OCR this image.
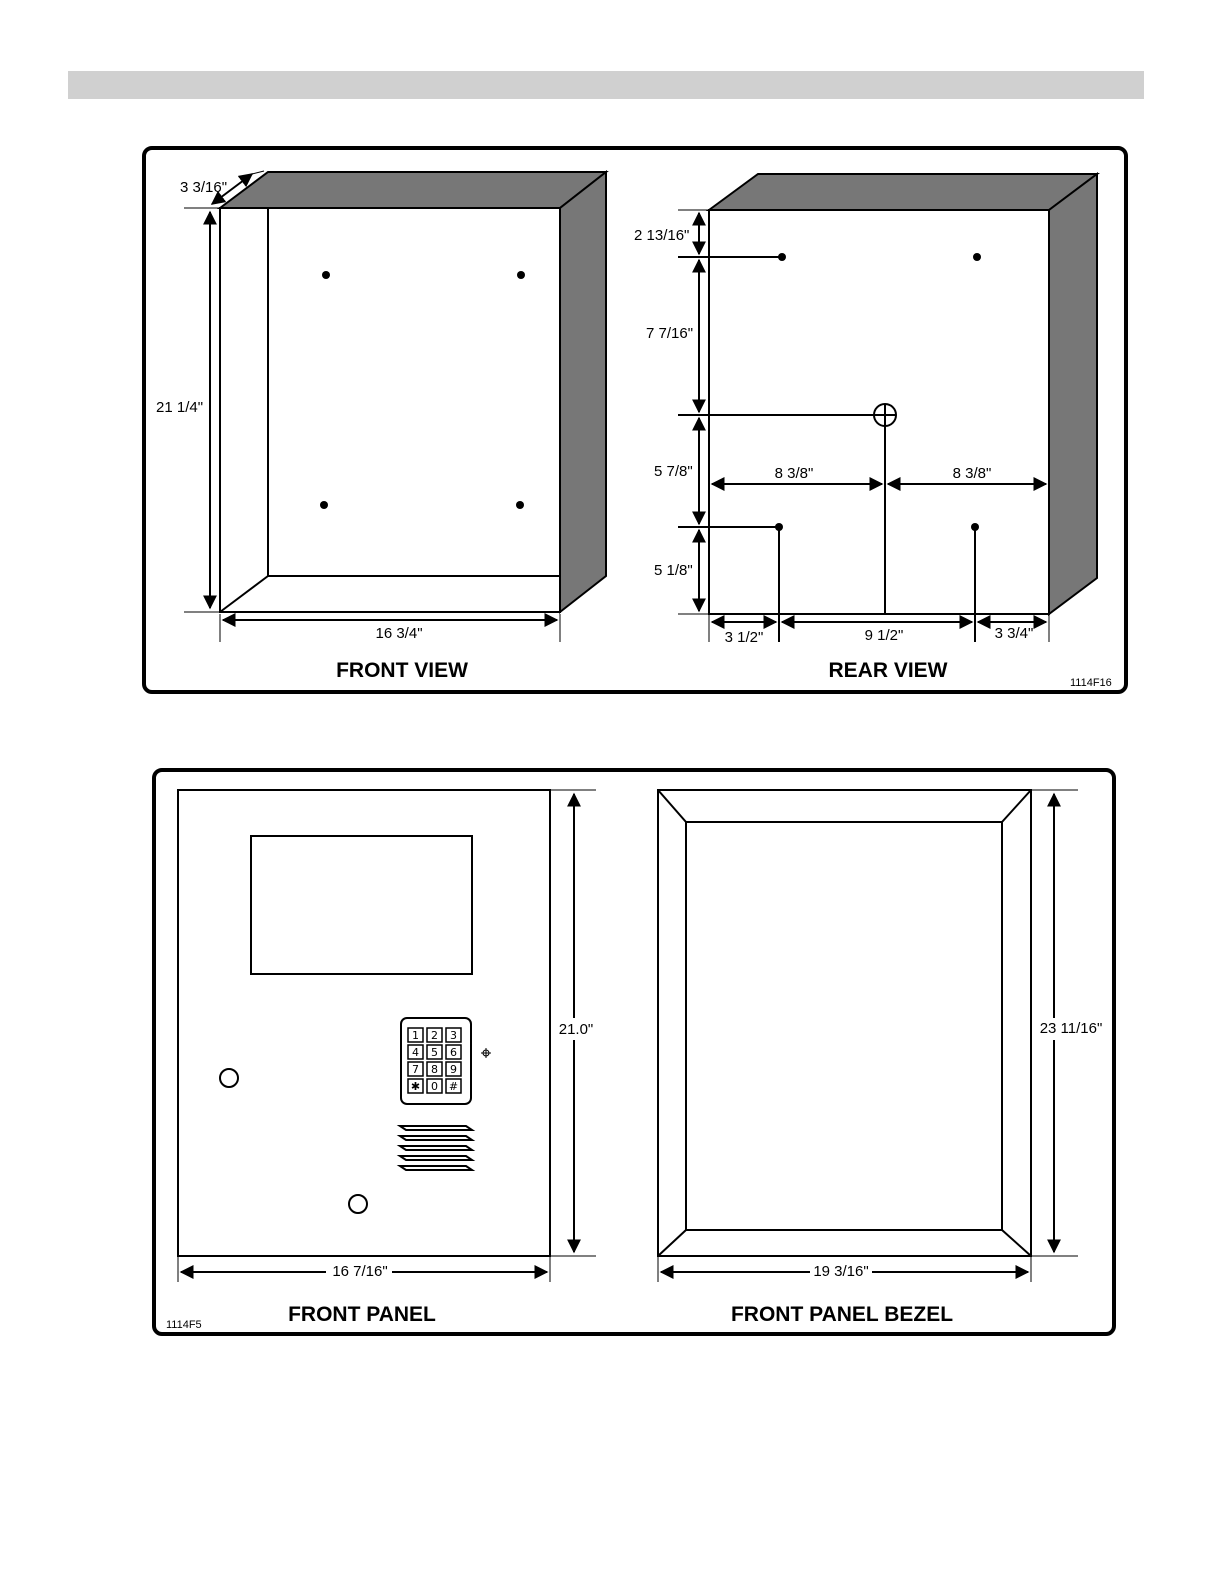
3 3/16"
21 1/4"
16 3/4"
FRONT VIEW
2 13/16"
7 7/16"
5 7/8"
5 1/8"
8 3/8"	8 3/8"
3 1/2"	9 1/2"	3 3/4"
REAR VIEW
1114F16
1 2 3
4 5 6
7 8 9
✱ 0 #
21.0"
16 7/16"
FRONT PANEL
1114F5
23 11/16"
19 3/16"
FRONT PANEL BEZEL
